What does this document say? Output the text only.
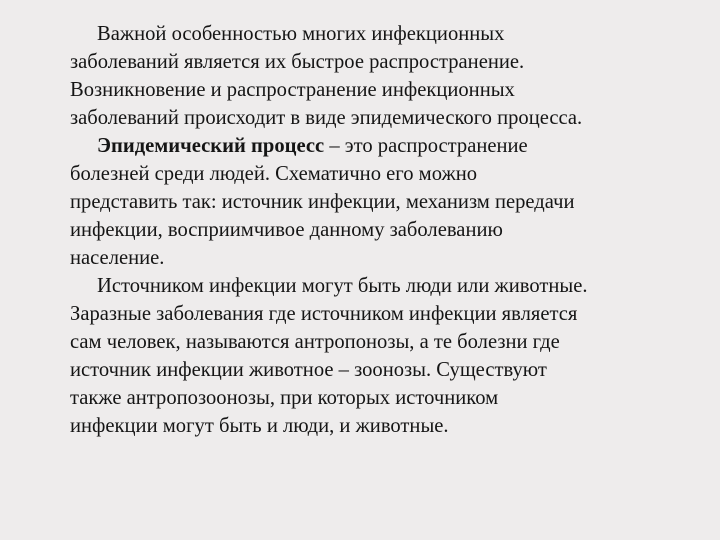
Важной особенностью многих инфекционных
заболеваний является их быстрое распространение.
Возникновение и распространение инфекционных
заболеваний происходит в виде эпидемического процесса.
Эпидемический процесс – это распространение
болезней среди людей. Схематично его можно
представить так: источник инфекции, механизм передачи
инфекции, восприимчивое данному заболеванию
население.
Источником инфекции могут быть люди или животные.
Заразные заболевания где источником инфекции является
сам человек, называются антропонозы, а те болезни где
источник инфекции животное – зоонозы. Существуют
также антропозоонозы, при которых источником
инфекции могут быть и люди, и животные.
